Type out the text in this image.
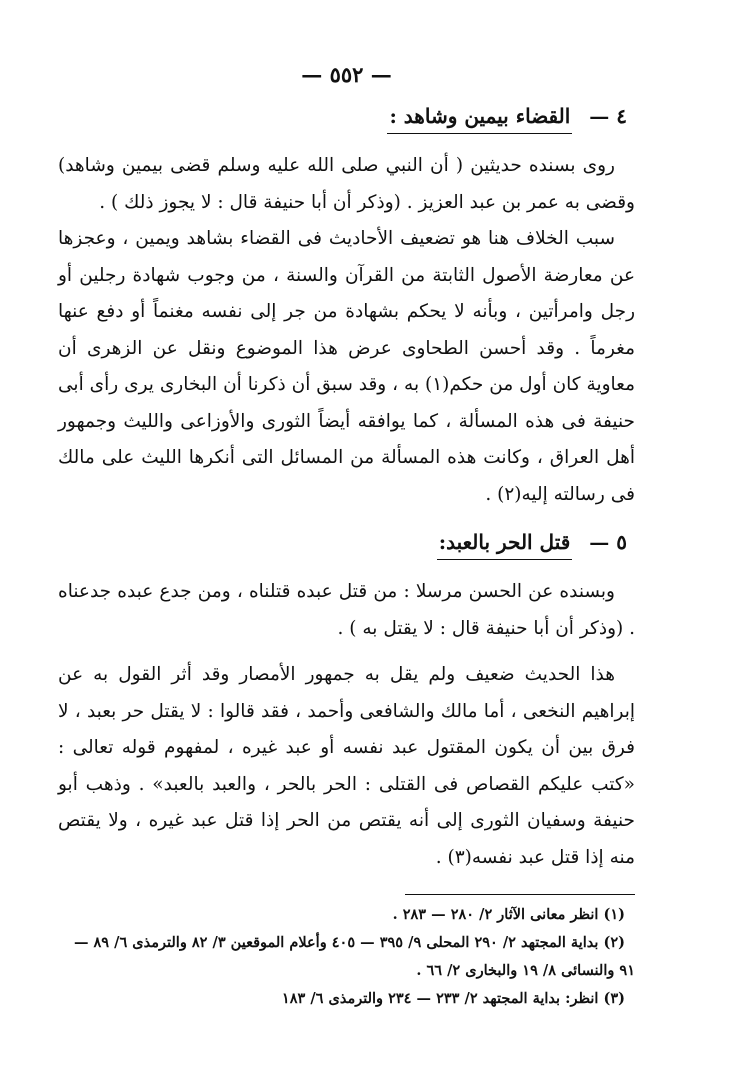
— ٥٥٢ —
٤ — القضاء بيمين وشاهد :

روى بسنده حديثين ( أن النبي صلى الله عليه وسلم قضى بيمين وشاهد) وقضى به عمر بن عبد العزيز . (وذكر أن أبا حنيفة قال : لا يجوز ذلك ) .

سبب الخلاف هنا هو تضعيف الأحاديث فى القضاء بشاهد ويمين ، وعجزها عن معارضة الأصول الثابتة من القرآن والسنة ، من وجوب شهادة رجلين أو رجل وامرأتين ، وبأنه لا يحكم بشهادة من جر إلى نفسه مغنماً أو دفع عنها مغرماً . وقد أحسن الطحاوى عرض هذا الموضوع ونقل عن الزهرى أن معاوية كان أول من حكم(١) به ، وقد سبق أن ذكرنا أن البخارى يرى رأى أبى حنيفة فى هذه المسألة ، كما يوافقه أيضاً الثورى والأوزاعى والليث وجمهور أهل العراق ، وكانت هذه المسألة من المسائل التى أنكرها الليث على مالك فى رسالته إليه(٢) .

٥ — قتل الحر بالعبد:

وبسنده عن الحسن مرسلا : من قتل عبده قتلناه ، ومن جدع عبده جدعناه . (وذكر أن أبا حنيفة قال : لا يقتل به ) .

هذا الحديث ضعيف ولم يقل به جمهور الأمصار وقد أثر القول به عن إبراهيم النخعى ، أما مالك والشافعى وأحمد ، فقد قالوا : لا يقتل حر بعبد ، لا فرق بين أن يكون المقتول عبد نفسه أو عبد غيره ، لمفهوم قوله تعالى : «كتب عليكم القصاص فى القتلى : الحر بالحر ، والعبد بالعبد» . وذهب أبو حنيفة وسفيان الثورى إلى أنه يقتص من الحر إذا قتل عبد غيره ، ولا يقتص منه إذا قتل عبد نفسه(٣) .

(١) انظر معانى الآثار ٢/ ٢٨٠ — ٢٨٣ .

(٢) بداية المجتهد ٢/ ٢٩٠ المحلى ٩/ ٣٩٥ — ٤٠٥ وأعلام الموقعين ٣/ ٨٢ والترمذى ٦/ ٨٩ — ٩١ والنسائى ٨/ ١٩ والبخارى ٢/ ٦٦ .

(٣) انظر: بداية المجتهد ٢/ ٢٣٣ — ٢٣٤ والترمذى ٦/ ١٨٣
